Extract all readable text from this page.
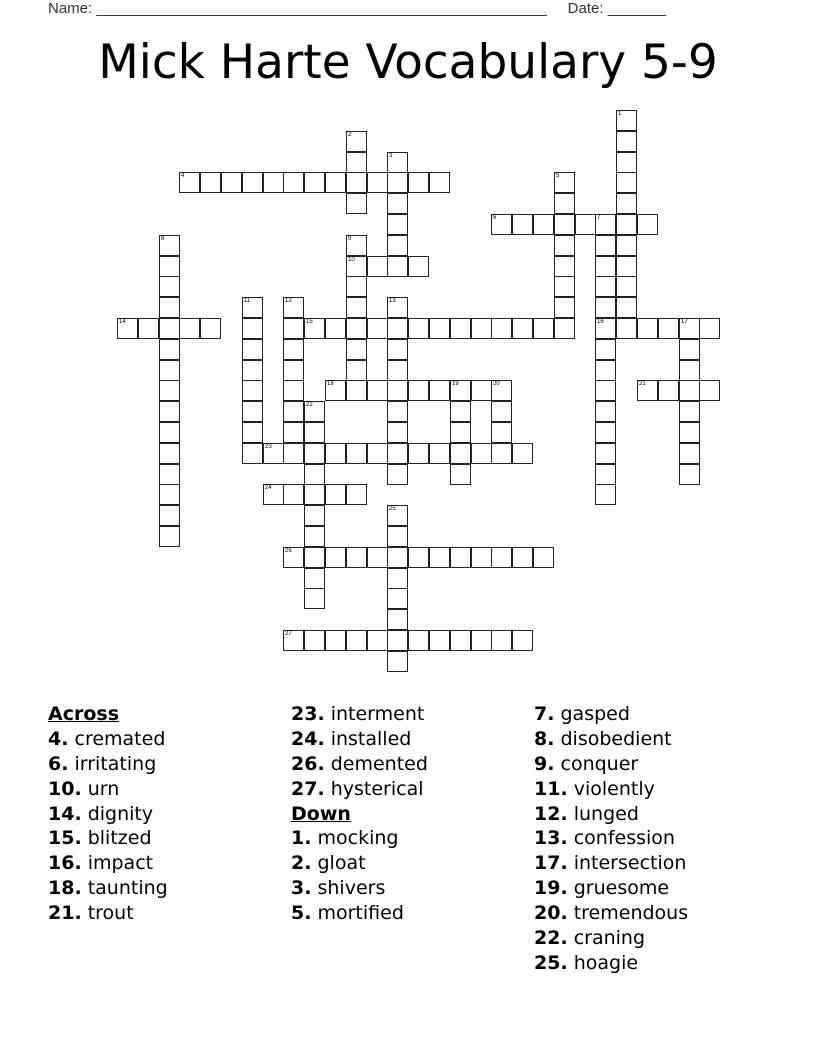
Name: ______________________________________________________     Date: _______
Mick Harte Vocabulary 5-9
1
2
3
4	5
6	7
16
8	9
10
11	12	13
14	15	17
18	19	20	21
22
23
24
25
26
27
Across
4. cremated
6. irritating
10. urn
14. dignity
15. blitzed
16. impact
18. taunting
21. trout
23. interment
24. installed
26. demented
27. hysterical
Down
1. mocking
2. gloat
3. shivers
5. mortified
7. gasped
8. disobedient
9. conquer
11. violently
12. lunged
13. confession
17. intersection
19. gruesome
20. tremendous
22. craning
25. hoagie
